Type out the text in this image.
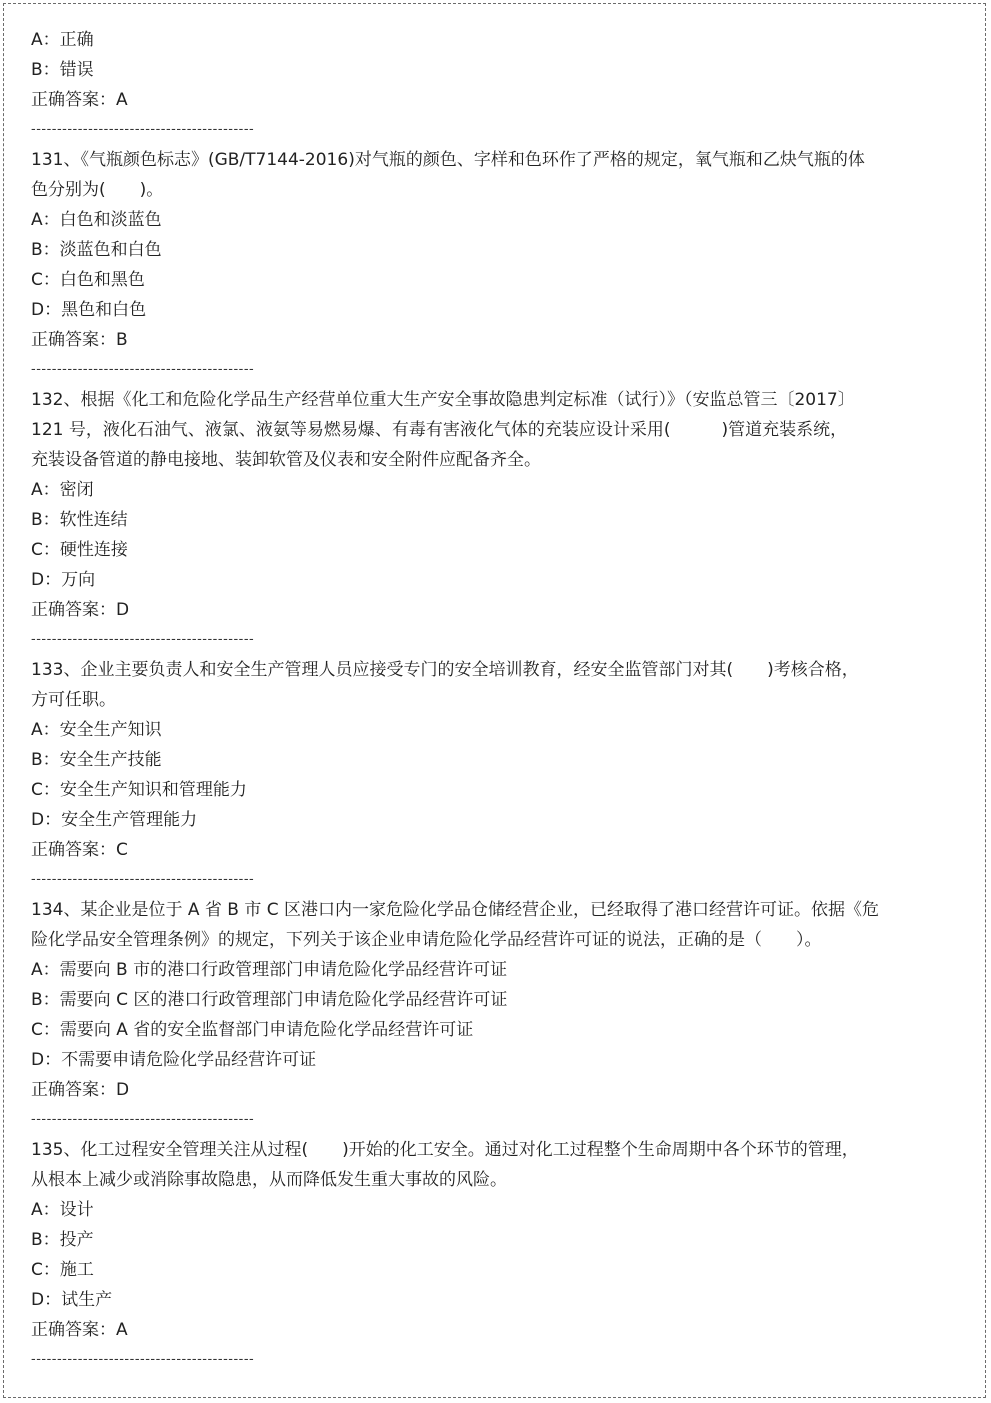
A：正确
B：错误
正确答案：A
-------------------------------------------
131、《气瓶颜色标志》(GB/T7144-2016)对气瓶的颜色、字样和色环作了严格的规定，氧气瓶和乙炔气瓶的体
色分别为(　　)。
A：白色和淡蓝色
B：淡蓝色和白色
C：白色和黑色
D：黑色和白色
正确答案：B
-------------------------------------------
132、根据《化工和危险化学品生产经营单位重大生产安全事故隐患判定标准（试行）》（安监总管三〔2017〕
121 号，液化石油气、液氯、液氨等易燃易爆、有毒有害液化气体的充装应设计采用(　　　)管道充装系统，
充装设备管道的静电接地、装卸软管及仪表和安全附件应配备齐全。
A：密闭
B：软性连结
C：硬性连接
D：万向
正确答案：D
-------------------------------------------
133、企业主要负责人和安全生产管理人员应接受专门的安全培训教育，经安全监管部门对其(　　)考核合格，
方可任职。
A：安全生产知识
B：安全生产技能
C：安全生产知识和管理能力
D：安全生产管理能力
正确答案：C
-------------------------------------------
134、某企业是位于 A 省 B 市 C 区港口内一家危险化学品仓储经营企业，已经取得了港口经营许可证。依据《危
险化学品安全管理条例》的规定，下列关于该企业申请危险化学品经营许可证的说法，正确的是（　　）。
A：需要向 B 市的港口行政管理部门申请危险化学品经营许可证
B：需要向 C 区的港口行政管理部门申请危险化学品经营许可证
C：需要向 A 省的安全监督部门申请危险化学品经营许可证
D：不需要申请危险化学品经营许可证
正确答案：D
-------------------------------------------
135、化工过程安全管理关注从过程(　　)开始的化工安全。通过对化工过程整个生命周期中各个环节的管理，
从根本上减少或消除事故隐患，从而降低发生重大事故的风险。
A：设计
B：投产
C：施工
D：试生产
正确答案：A
-------------------------------------------
